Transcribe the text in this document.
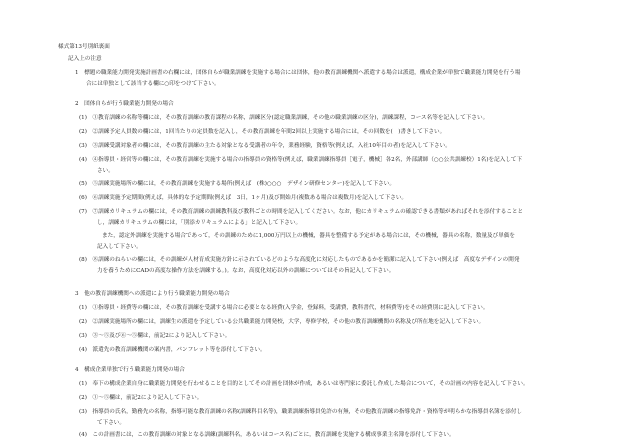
様式第13号別紙裏面

記入上の注意

1　標題の職業能力開発実施計画書の右欄には，団体自らが職業訓練を実施する場合には団体，他の教育訓練機関へ派遣する場合は派遣，構成企業が単独で職業能力開発を行う場

合には単独として該当する欄に○印をつけて下さい。

2　団体自らが行う職業能力開発の場合

(1)　①教育訓練の名称等欄には，その教育訓練の教育課程の名称，訓練区分(認定職業訓練，その他の職業訓練の区分)，訓練課程，コース名等を記入して下さい。

(2)　②訓練予定人員数の欄には，1回当たりの定員数を記入し，その教育訓練を年間2回以上実施する場合には，その回数を(　)書きして下さい。

(3)　③訓練受講対象者の欄には，その教育訓練の主たる対象となる受講者の年令，業務経験，資格等(例えば，入社10年目の者)を記入して下さい。

(4)　④指導員・経営等の欄には，その教育訓練を実施する場合の指導員の資格等(例えば，職業訓練指導員［電子，機械］各2名，外部講師（○○公共訓練校）1名)を記入して下

さい。

(5)　⑤訓練実施場所の欄には，その教育訓練を実施する場所(例えば　(株)○○○　デザイン研修センター)を記入して下さい。

(6)　⑥訓練実施予定期間(例えば，具体的な予定期間(例えば　3日，1ヶ月)及び開始月(複数ある場合は複数月)を記入して下さい。

(7)　⑦訓練カリキュラムの欄には，その教育訓練の訓練教科及び教科ごとの時間を記入してください。なお，他にカリキュラムの確認できる書類があればそれを添付することと

し，訓練カリキュラムの欄には，「別添カリキュラムによる」と記入して下さい。

また，認定外訓練を実施する場合であって，その訓練のために1,000万円以上の機械，器具を整備する予定がある場合には，その機械，器具の名称，数量及び単価を

記入して下さい。

(8)　⑧訓練のねらいの欄には，その訓練が人材育成実施方針に示されているどのような高度化に対応したものであるかを簡潔に記入して下さい(例えば　高度なデザインの開発

力を養うためにCADの高度な操作方法を訓練する。)。なお，高度化対応以外の訓練についてはその旨記入して下さい。

3　他の教育訓練機関への派遣により行う職業能力開発の場合

(1)　①指導員・経費等の欄には，その教育訓練を受講する場合に必要となる経費(入学金，登録料，受講費，教科書代，材料費等)をその経費別に記入して下さい。

(2)　②訓練実施場所の欄には，訓練生の派遣を予定している公共職業能力開発校，大学，専修学校，その他の教育訓練機関の名称及び所在地を記入して下さい。

(3)　③〜⑤及び⑥〜⑤欄は，前記2により記入して下さい。

(4)　派遣先の教育訓練機関の案内書，パンフレット等を添付して下さい。

4　構成企業単独で行う職業能力開発の場合

(1)　奉下の構成企業自身に職業能力開発を行わせることを目的としてその計画を団体が作成，あるいは専門家に委託し作成した場合について，その計画の内容を記入して下さい。

(2)　①〜⑤欄は，前記2により記入して下さい。

(3)　指導員の氏名，勤務先の名称，指導可能な教育訓練の名称(訓練科目名等)，職業訓練指導員免許の有無，その他教育訓練の指導免許・資格等が明らかな指導員名簿を添付し

て下さい。

(4)　この計画書には，この教育訓練の対象となる訓練(訓練科名，あるいはコース名)ごとに，教育訓練を実施する構成事業主名簿を添付して下さい。
